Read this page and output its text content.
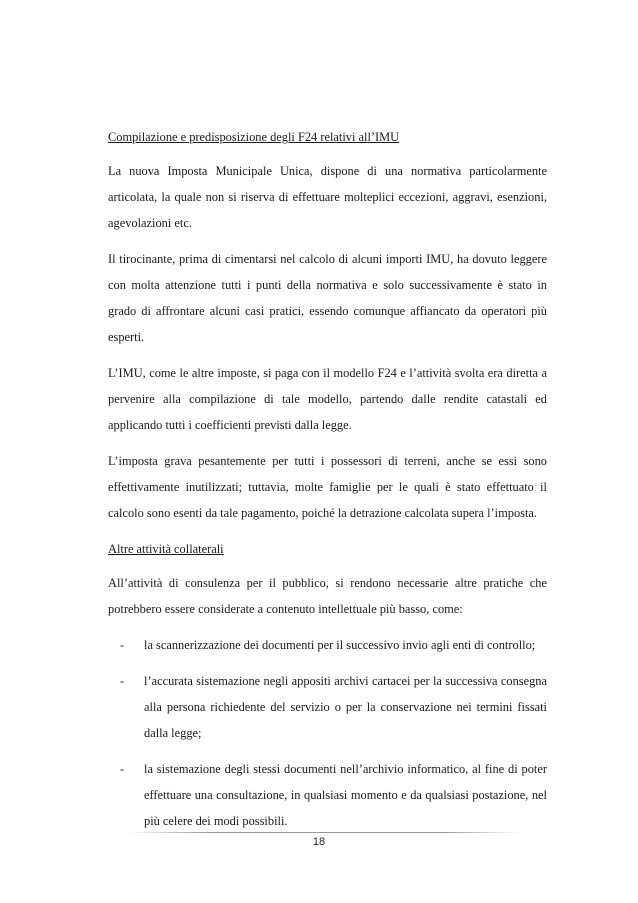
Compilazione e predisposizione degli F24 relativi all’IMU

La nuova Imposta Municipale Unica, dispone di una normativa particolarmente articolata, la quale non si riserva di effettuare molteplici eccezioni, aggravi, esenzioni, agevolazioni etc.

Il tirocinante, prima di cimentarsi nel calcolo di alcuni importi IMU, ha dovuto leggere con molta attenzione tutti i punti della normativa e solo successivamente è stato in grado di affrontare alcuni casi pratici, essendo comunque affiancato da operatori più esperti.

L’IMU, come le altre imposte, si paga con il modello F24 e l’attività svolta era diretta a pervenire alla compilazione di tale modello, partendo dalle rendite catastali ed applicando tutti i coefficienti previsti dalla legge.

L’imposta grava pesantemente per tutti i possessori di terreni, anche se essi sono effettivamente inutilizzati; tuttavia, molte famiglie per le quali è stato effettuato il calcolo sono esenti da tale pagamento, poiché la detrazione calcolata supera l’imposta.

Altre attività collaterali

All’attività di consulenza per il pubblico, si rendono necessarie altre pratiche che potrebbero essere considerate a contenuto intellettuale più basso, come:

- la scannerizzazione dei documenti per il successivo invio agli enti di controllo;
- l’accurata sistemazione negli appositi archivi cartacei per la successiva consegna alla persona richiedente del servizio o per la conservazione nei termini fissati dalla legge;
- la sistemazione degli stessi documenti nell’archivio informatico, al fine di poter effettuare una consultazione, in qualsiasi momento e da qualsiasi postazione, nel più celere dei modi possibili.
18
